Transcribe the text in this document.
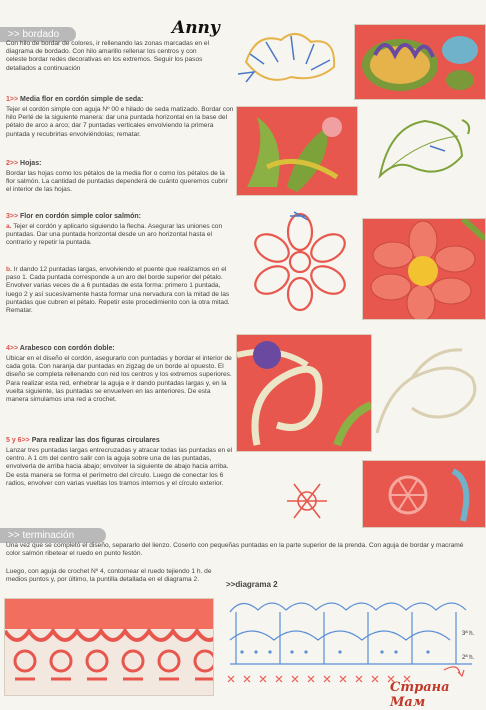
Anny
>> bordado
Con hilo de bordar de colores, ir rellenando las zonas marcadas en el diagrama de bordado. Con hilo amarillo rellenar los centros y con celeste bordar redes decorativas en los extremos. Seguir los pasos detallados a continuación
1>> Media flor en cordón simple de seda:
Tejer el cordón simple con aguja Nº 00 e hilado de seda matizado. Bordar con hilo Perlé de la siguiente manera: dar una puntada horizontal en la base del pétalo de arco a arco; dar 7 puntadas verticales envolviendo la primera puntada y recubrirlas envolviéndolas; rematar.
2>> Hojas:
Bordar las hojas como los pétalos de la media flor o como los pétalos de la flor salmón. La cantidad de puntadas dependerá de cuánto queremos cubrir el interior de las hojas.
3>> Flor en cordón simple color salmón:
a. Tejer el cordón y aplicarlo siguiendo la flecha. Asegurar las uniones con puntadas. Dar una puntada horizontal desde un aro horizontal hasta el contrario y repetir la puntada.
b. Ir dando 12 puntadas largas, envolviendo el puente que realizamos en el paso 1. Cada puntada corresponde a un aro del borde superior del pétalo. Envolver varias veces de a 6 puntadas de esta forma: primero 1 puntada, luego 2 y así sucesivamente hasta formar una nervadura con la mitad de las puntadas que cubren el pétalo. Repetir este procedimiento con la otra mitad. Rematar.
4>> Arabesco con cordón doble:
Ubicar en el diseño el cordón, asegurarlo con puntadas y bordar el interior de cada gota. Con naranja dar puntadas en zigzag de un borde al opuesto. El diseño se completa rellenando con red los centros y los extremos superiores. Para realizar esta red, enhebrar la aguja e ir dando puntadas largas y, en la vuelta siguiente, las puntadas se envuelven en las anteriores. De esta manera simulamos una red a crochet.
5 y 6>> Para realizar las dos figuras circulares
Lanzar tres puntadas largas entrecruzadas y atracar todas las puntadas en el centro. A 1 cm del centro salir con la aguja sobre una de las puntadas, envolverla de arriba hacia abajo; envolver la siguiente de abajo hacia arriba. De esta manera se forma el perímetro del círculo. Luego de conectar los 6 radios, envolver con varias vueltas los tramos internos y el círculo exterior.
>> terminación
Una vez que se completó el diseño, separarlo del lienzo. Coserlo con pequeñas puntadas en la parte superior de la prenda. Con aguja de bordar y macramé color salmón ribetear el ruedo en punto festón.
Luego, con aguja de crochet Nº 4, contornear el ruedo tejiendo 1 h. de medios puntos y, por último, la puntilla detallada en el diagrama 2.
>>diagrama 2
3ª h.
2ª h.
Страна Мам
